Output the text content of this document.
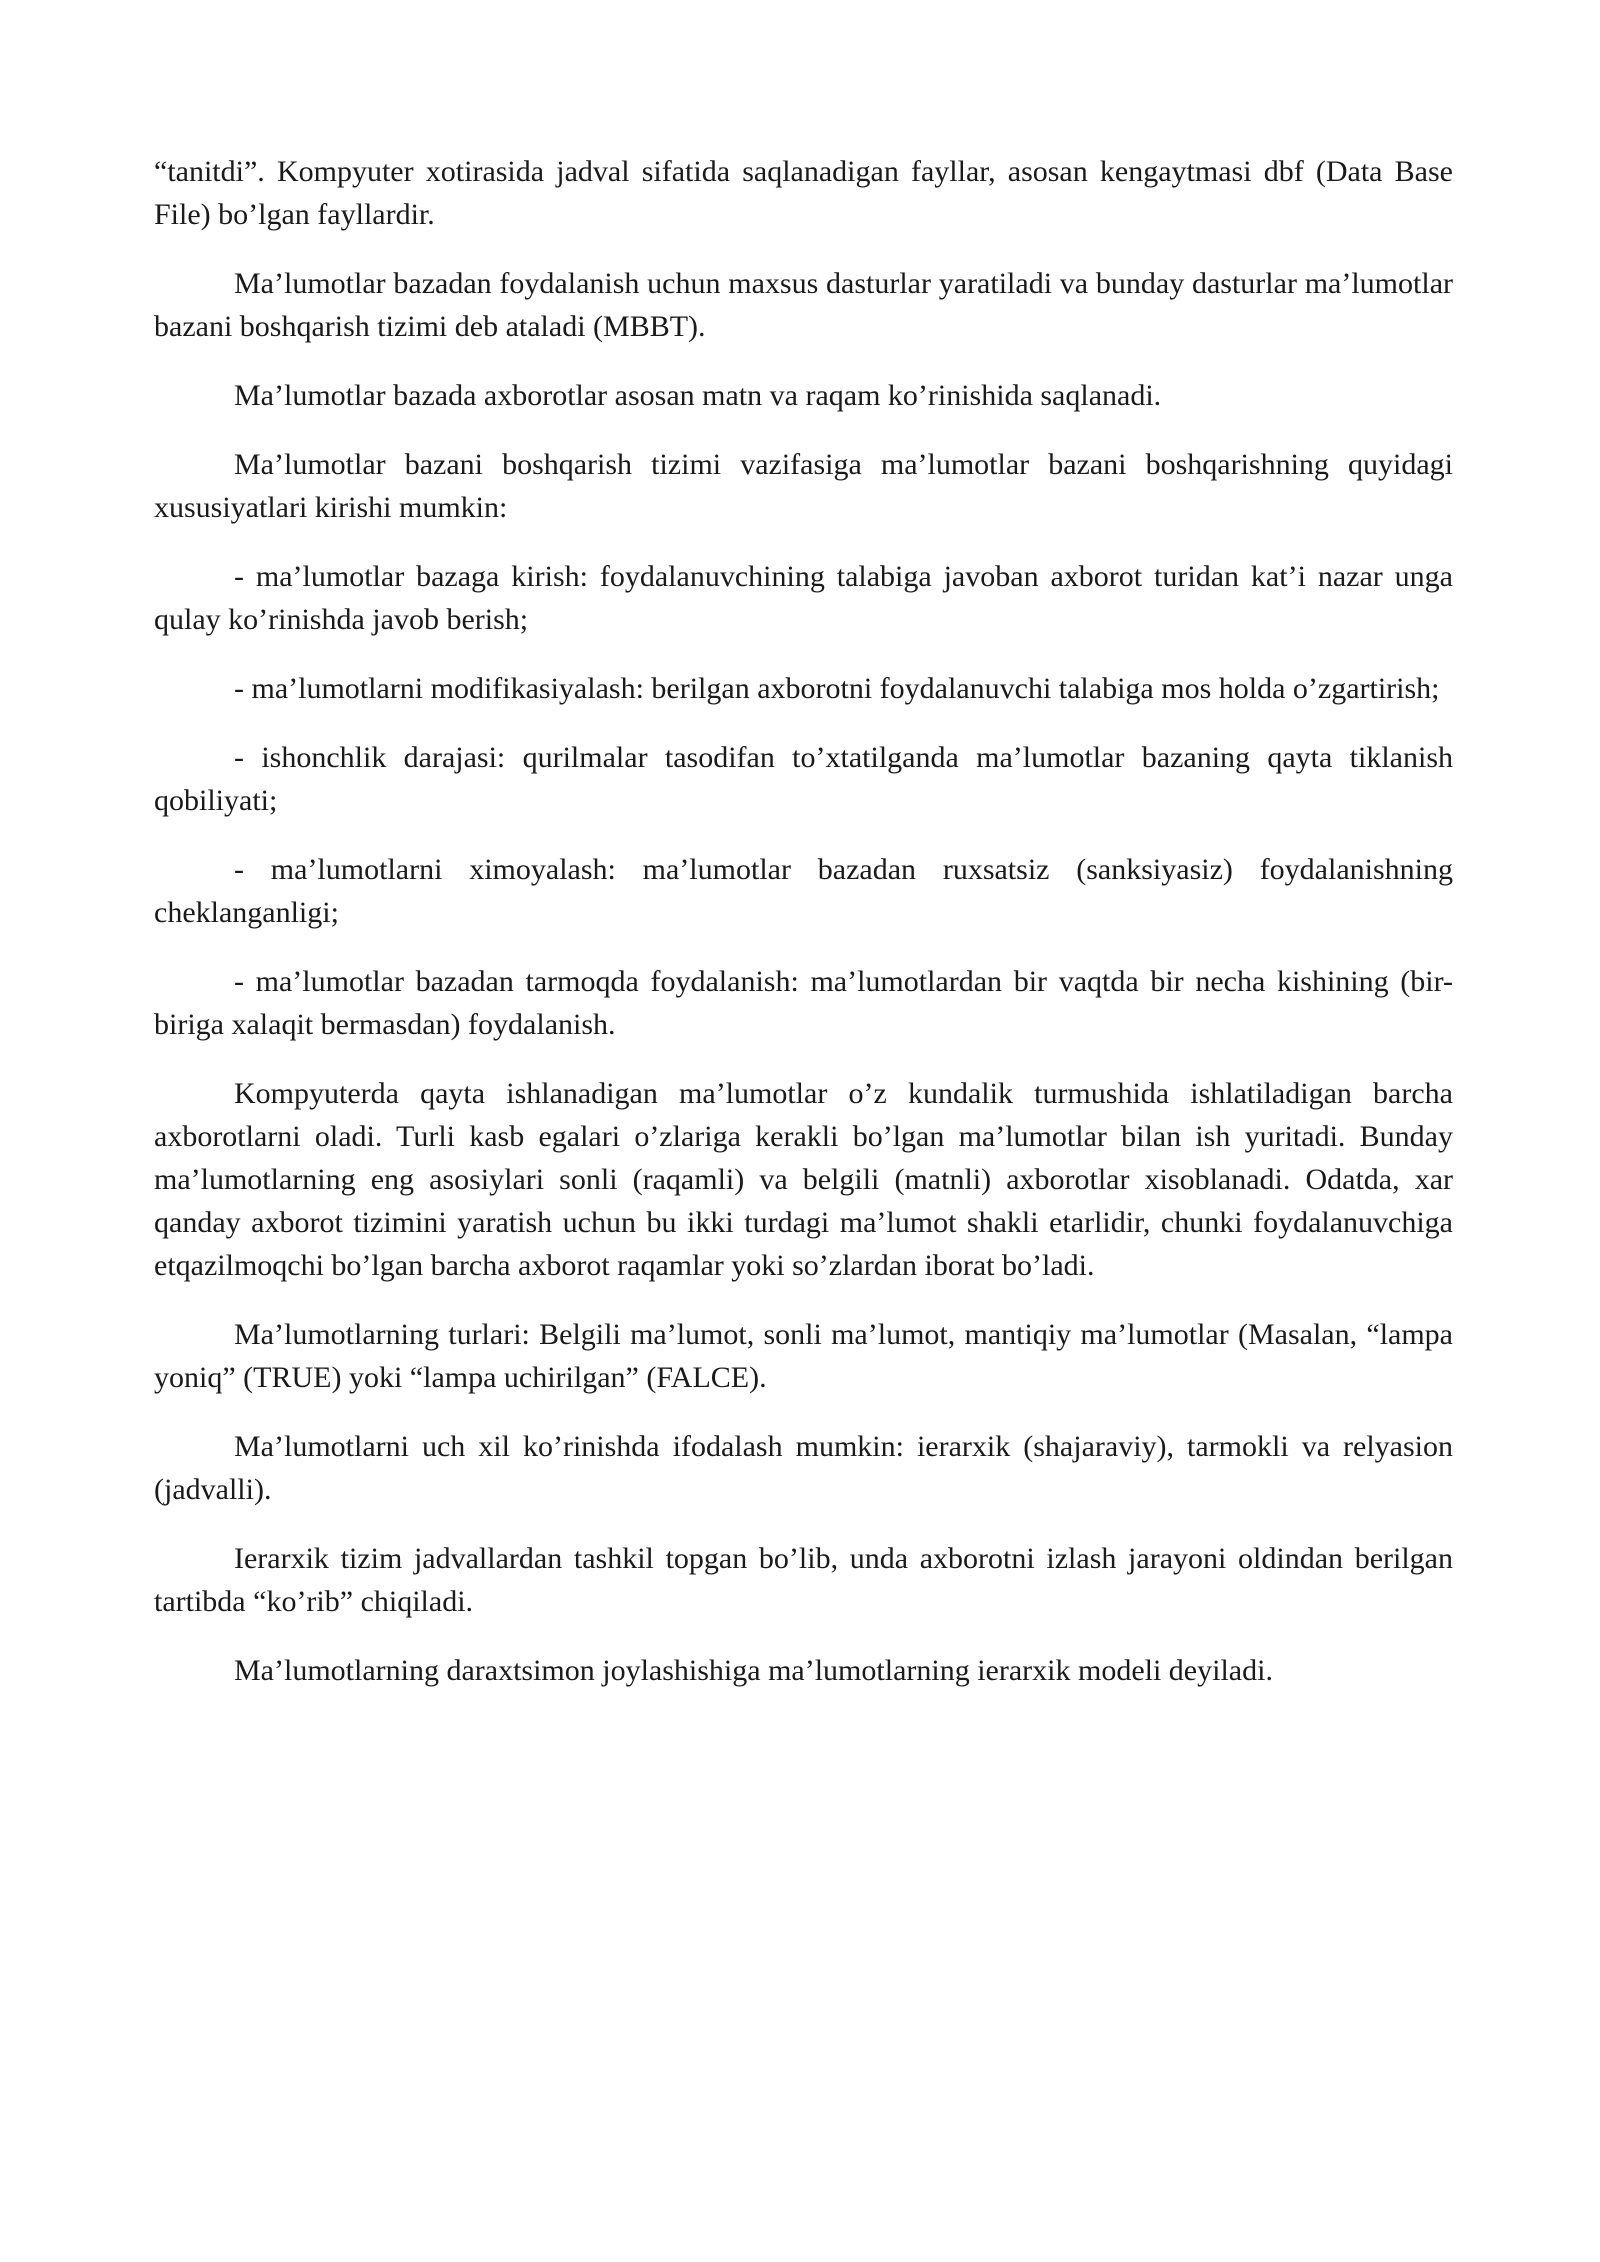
“tanitdi”. Kompyuter xotirasida jadval sifatida saqlanadigan fayllar, asosan kengaytmasi dbf (Data Base File) bo’lgan fayllardir.

Ma’lumotlar bazadan foydalanish uchun maxsus dasturlar yaratiladi va bunday dasturlar ma’lumotlar bazani boshqarish tizimi deb ataladi (MBBT).

Ma’lumotlar bazada axborotlar asosan matn va raqam ko’rinishida saqlanadi.

Ma’lumotlar bazani boshqarish tizimi vazifasiga ma’lumotlar bazani boshqarishning quyidagi xususiyatlari kirishi mumkin:

- ma’lumotlar bazaga kirish: foydalanuvchining talabiga javoban axborot turidan kat’i nazar unga qulay ko’rinishda javob berish;

- ma’lumotlarni modifikasiyalash: berilgan axborotni foydalanuvchi talabiga mos holda o’zgartirish;

- ishonchlik darajasi: qurilmalar tasodifan to’xtatilganda ma’lumotlar bazaning qayta tiklanish qobiliyati;

- ma’lumotlarni ximoyalash: ma’lumotlar bazadan ruxsatsiz (sanksiyasiz) foydalanishning cheklanganligi;

- ma’lumotlar bazadan tarmoqda foydalanish: ma’lumotlardan bir vaqtda bir necha kishining (bir-biriga xalaqit bermasdan) foydalanish.

Kompyuterda qayta ishlanadigan ma’lumotlar o’z kundalik turmushida ishlatiladigan barcha axborotlarni oladi. Turli kasb egalari o’zlariga kerakli bo’lgan ma’lumotlar bilan ish yuritadi. Bunday ma’lumotlarning eng asosiylari sonli (raqamli) va belgili (matnli) axborotlar xisoblanadi. Odatda, xar qanday axborot tizimini yaratish uchun bu ikki turdagi ma’lumot shakli etarlidir, chunki foydalanuvchiga etqazilmoqchi bo’lgan barcha axborot raqamlar yoki so’zlardan iborat bo’ladi.

Ma’lumotlarning turlari: Belgili ma’lumot, sonli ma’lumot, mantiqiy ma’lumotlar (Masalan, “lampa yoniq” (TRUE) yoki “lampa uchirilgan” (FALCE).

Ma’lumotlarni uch xil ko’rinishda ifodalash mumkin: ierarxik (shajaraviy), tarmokli va relyasion (jadvalli).

Ierarxik tizim jadvallardan tashkil topgan bo’lib, unda axborotni izlash jarayoni oldindan berilgan tartibda “ko’rib” chiqiladi.

Ma’lumotlarning daraxtsimon joylashishiga ma’lumotlarning ierarxik modeli deyiladi.
